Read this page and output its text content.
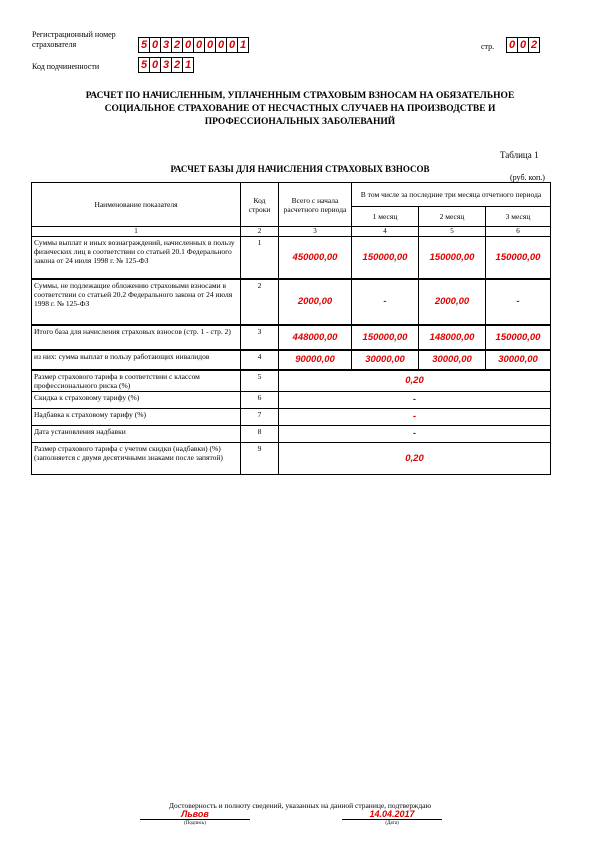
Регистрационный номер
страхователя	5 0 3 2 0 0 0 0 0 1	стр. 0 0 2
Код подчиненности	5 0 3 2 1
РАСЧЕТ ПО НАЧИСЛЕННЫМ, УПЛАЧЕННЫМ СТРАХОВЫМ ВЗНОСАМ НА ОБЯЗАТЕЛЬНОЕ
СОЦИАЛЬНОЕ СТРАХОВАНИЕ ОТ НЕСЧАСТНЫХ СЛУЧАЕВ НА ПРОИЗВОДСТВЕ И
ПРОФЕССИОНАЛЬНЫХ ЗАБОЛЕВАНИЙ
Таблица 1
РАСЧЕТ БАЗЫ ДЛЯ НАЧИСЛЕНИЯ СТРАХОВЫХ ВЗНОСОВ
(руб. коп.)
Наименование показателя	Код строки	Всего с начала расчетного периода	В том числе за последние три месяца отчетного периода		
			1 месяц	2 месяц	3 месяц
1	2	3	4	5	6
Суммы выплат и иных вознаграждений, начисленных в пользу физических лиц в соответствии со статьей 20.1 Федерального закона от 24 июля 1998 г. № 125-ФЗ	1	450000,00	150000,00	150000,00	150000,00
Суммы, не подлежащие обложению страховыми взносами в соответствии со статьей 20.2 Федерального закона от 24 июля 1998 г. № 125-ФЗ	2	2000,00	-	2000,00	-
Итого база для начисления страховых взносов (стр. 1 - стр. 2)	3	448000,00	150000,00	148000,00	150000,00
из них: сумма выплат в пользу работающих инвалидов	4	90000,00	30000,00	30000,00	30000,00
Размер страхового тарифа в соответствии с классом профессионального риска (%)	5	0,20			
Скидка к страховому тарифу (%)	6	-			
Надбавка к страховому тарифу (%)	7	-			
Дата установления надбавки	8	-			
Размер страхового тарифа с учетом скидки (надбавки) (%) (заполняется с двумя десятичными знаками после запятой)	9	0,20			
Достоверность и полноту сведений, указанных на данной странице, подтверждаю
Львов
(Подпись)
14.04.2017
(Дата)
